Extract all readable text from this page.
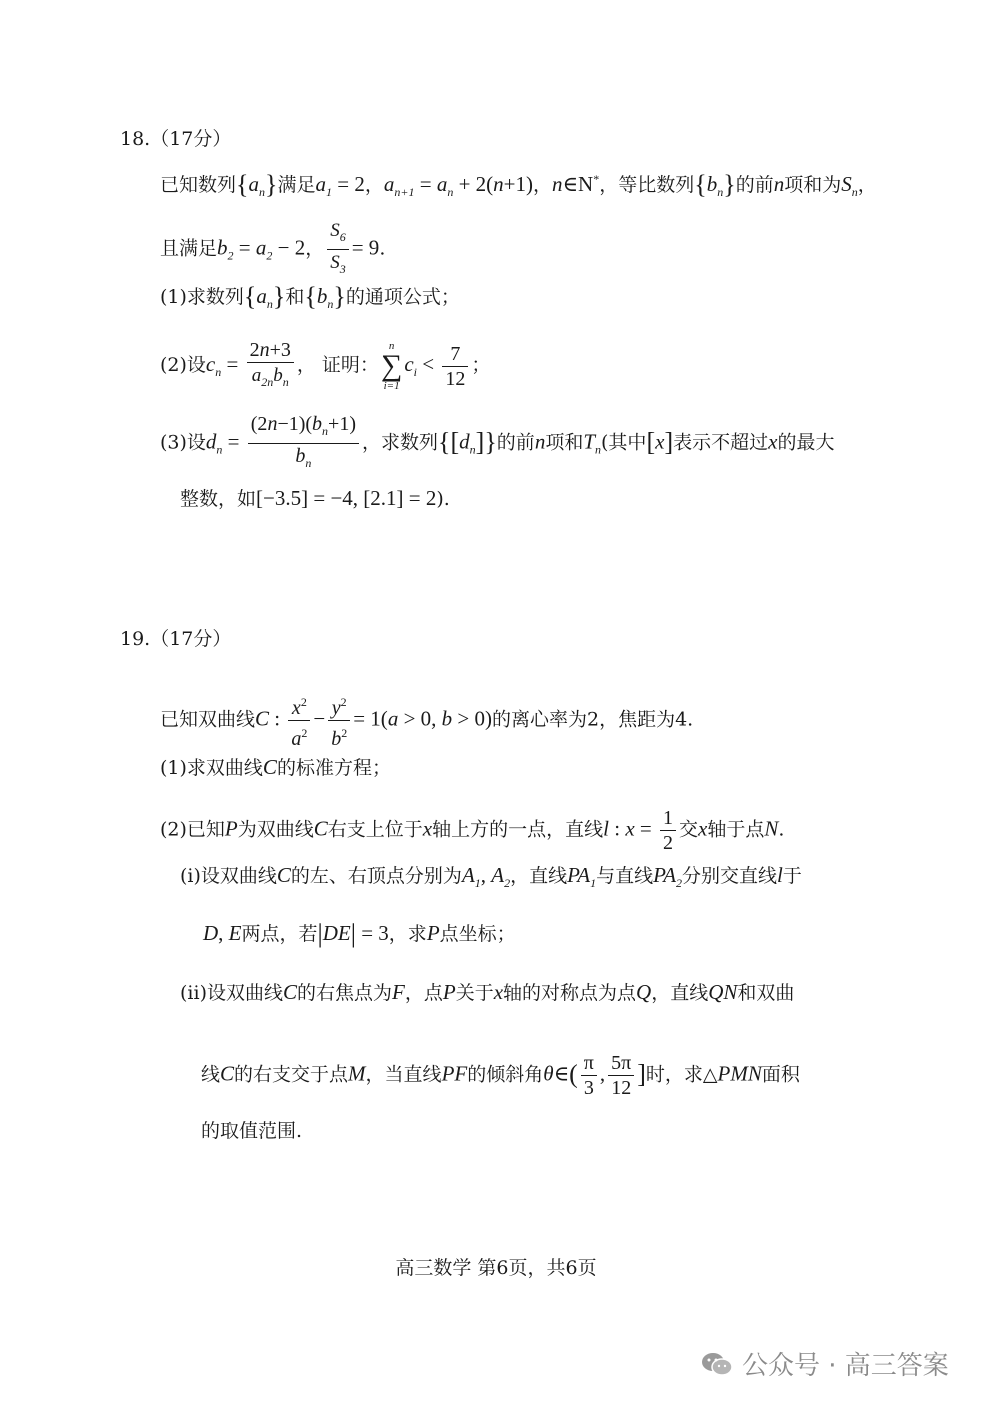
18.（17分）
已知数列$\{a_n\}$满足$a_1 = 2$，$a_{n+1} = a_n + 2(n+1)$，n∈N*，等比数列$\{b_n\}$的前n项和为$S_n$，
且满足$b_2 = a_2 - 2$， $\frac{S_6}{S_3} = 9$.
(1)求数列$\{a_n\}$和$\{b_n\}$的通项公式；
(2)设$c_n = \frac{2n+3}{a_{2n}b_n}$ ， 证明：
n
∑
i=1
$c_i < \frac{7}{12}$ ；
(3)设$d_n = \frac{(2n-1)(b_n+1)}{b_n}$ ，求数列$\{[d_n]\}$的前n项和$T_n$(其中[x]表示不超过x的最大
整数，如[−3.5] = −4, [2.1] = 2).
19.（17分）
已知双曲线C : $\frac{x^2}{a^2} - \frac{y^2}{b^2} = 1(a > 0$, b > 0)的离心率为2，焦距为4.
(1)求双曲线C的标准方程；
(2)已知P为双曲线C右支上位于x轴上方的一点，直线l : $x = \frac{1}{2}$ 交x轴于点N.
(i)设双曲线C的左、右顶点分别为$A_1$, $A_2$，直线$PA_1$与直线$PA_2$分别交直线l于
D, E两点，若|DE| = 3，求P点坐标；
(ii)设双曲线C的右焦点为F，点P关于x轴的对称点为点Q，直线QN和双曲
线C的右支交于点M，当直线PF的倾斜角θ∈( $\frac{\pi}{3}$ , $\frac{5\pi}{12}$ ]时，求△PMN面积
的取值范围.
高三数学 第6页，共6页
公众号 · 高三答案
